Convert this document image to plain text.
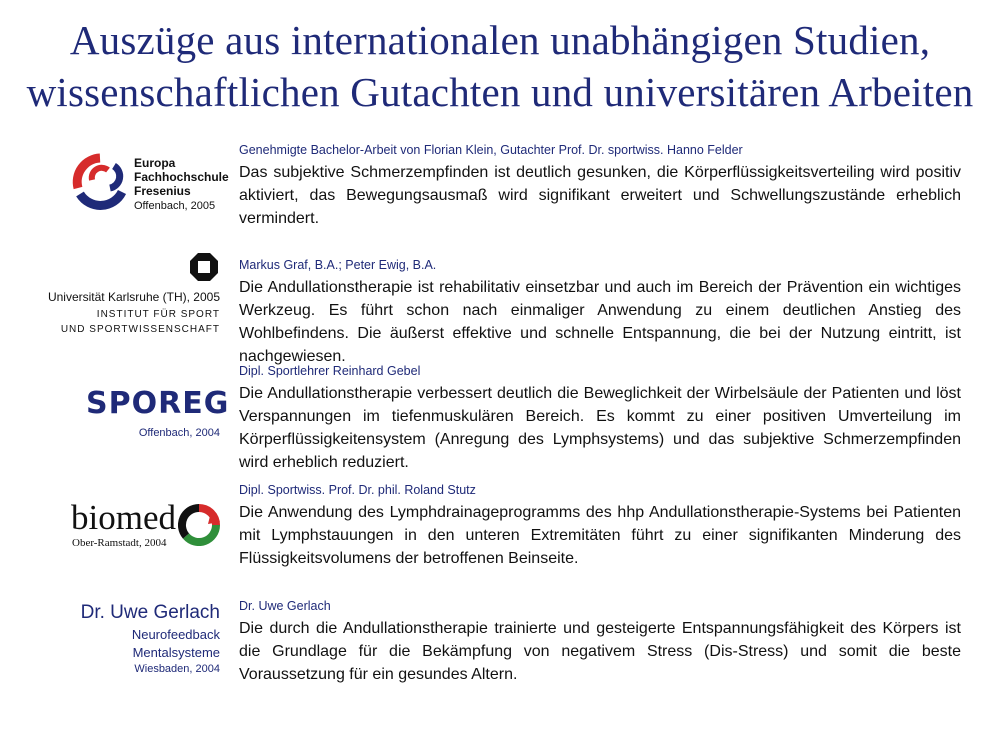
Auszüge aus internationalen unabhängigen Studien,
wissenschaftlichen Gutachten und universitären Arbeiten
Europa
Fachhochschule
Fresenius
Offenbach, 2005
Genehmigte Bachelor-Arbeit von Florian Klein, Gutachter Prof. Dr. sportwiss. Hanno Felder
Das subjektive Schmerzempfinden ist deutlich gesunken, die Körperflüssigkeitsverteiling wird positiv aktiviert, das Bewegungsausmaß wird signifikant erweitert und Schwellungszustände erheblich vermindert.
Universität Karlsruhe (TH), 2005
INSTITUT FÜR SPORT
UND SPORTWISSENSCHAFT
Markus Graf, B.A.; Peter Ewig, B.A.
Die Andullationstherapie ist rehabilitativ einsetzbar und auch im Bereich der Prävention ein wichtiges Werkzeug. Es führt schon nach einmaliger Anwendung zu einem deutlichen Anstieg des Wohlbefindens. Die äußerst effektive und schnelle Entspannung, die bei der Nutzung eintritt, ist nachgewiesen.
SPOREG
Offenbach, 2004
Dipl. Sportlehrer Reinhard Gebel
Die Andullationstherapie verbessert deutlich die Beweglichkeit der Wirbelsäule der Patienten und löst Verspannungen im tiefenmuskulären Bereich. Es kommt zu einer positiven Umverteilung im Körperflüssigkeitensystem (Anregung des Lymphsystems) und das subjektive Schmerzempfinden wird erheblich reduziert.
biomed
Ober-Ramstadt, 2004
Dipl. Sportwiss. Prof. Dr. phil. Roland Stutz
Die Anwendung des Lymphdrainageprogramms des hhp Andullationstherapie-Systems bei Patienten mit Lymphstauungen in den unteren Extremitäten führt zu einer signifikanten Minderung des Flüssigkeitsvolumens der betroffenen Beinseite.
Dr. Uwe Gerlach
Neurofeedback
Mentalsysteme
Wiesbaden, 2004
Dr. Uwe Gerlach
Die durch die Andullationstherapie trainierte und gesteigerte Entspannungsfähigkeit des Körpers ist die Grundlage für die Bekämpfung von negativem Stress (Dis-Stress) und somit die beste Voraussetzung für ein gesundes Altern.
